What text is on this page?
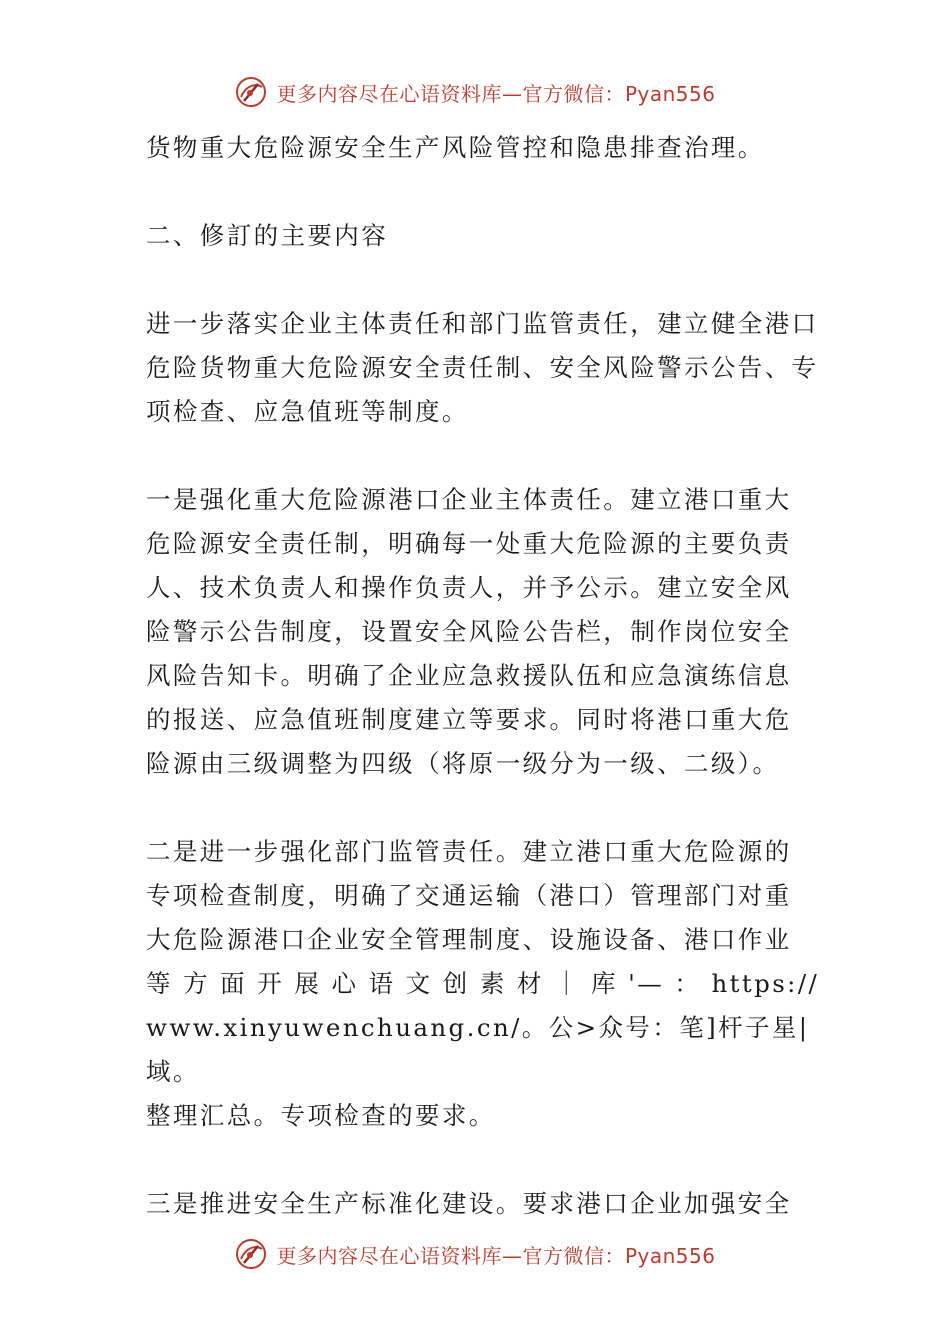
更多内容尽在心语资料库—官方微信：Pyan556

货物重大危险源安全生产风险管控和隐患排查治理。

二、修訂的主要内容

进一步落实企业主体责任和部门监管责任，建立健全港口
危险货物重大危险源安全责任制、安全风险警示公告、专
项检查、应急值班等制度。

一是强化重大危险源港口企业主体责任。建立港口重大
危险源安全责任制，明确每一处重大危险源的主要负责
人、技术负责人和操作负责人，并予公示。建立安全风
险警示公告制度，设置安全风险公告栏，制作岗位安全
风险告知卡。明确了企业应急救援队伍和应急演练信息
的报送、应急值班制度建立等要求。同时将港口重大危
险源由三级调整为四级（将原一级分为一级、二级）。

二是进一步强化部门监管责任。建立港口重大危险源的
专项检查制度，明确了交通运输（港口）管理部门对重
大危险源港口企业安全管理制度、设施设备、港口作业
等 方 面 开 展 心 语 文 创 素 材 ｜ 库 '— ： https://
www.xinyuwenchuang.cn/。公>众号：笔]杆子星|域。
整理汇总。专项检查的要求。

三是推进安全生产标准化建设。要求港口企业加强安全

更多内容尽在心语资料库—官方微信：Pyan556
